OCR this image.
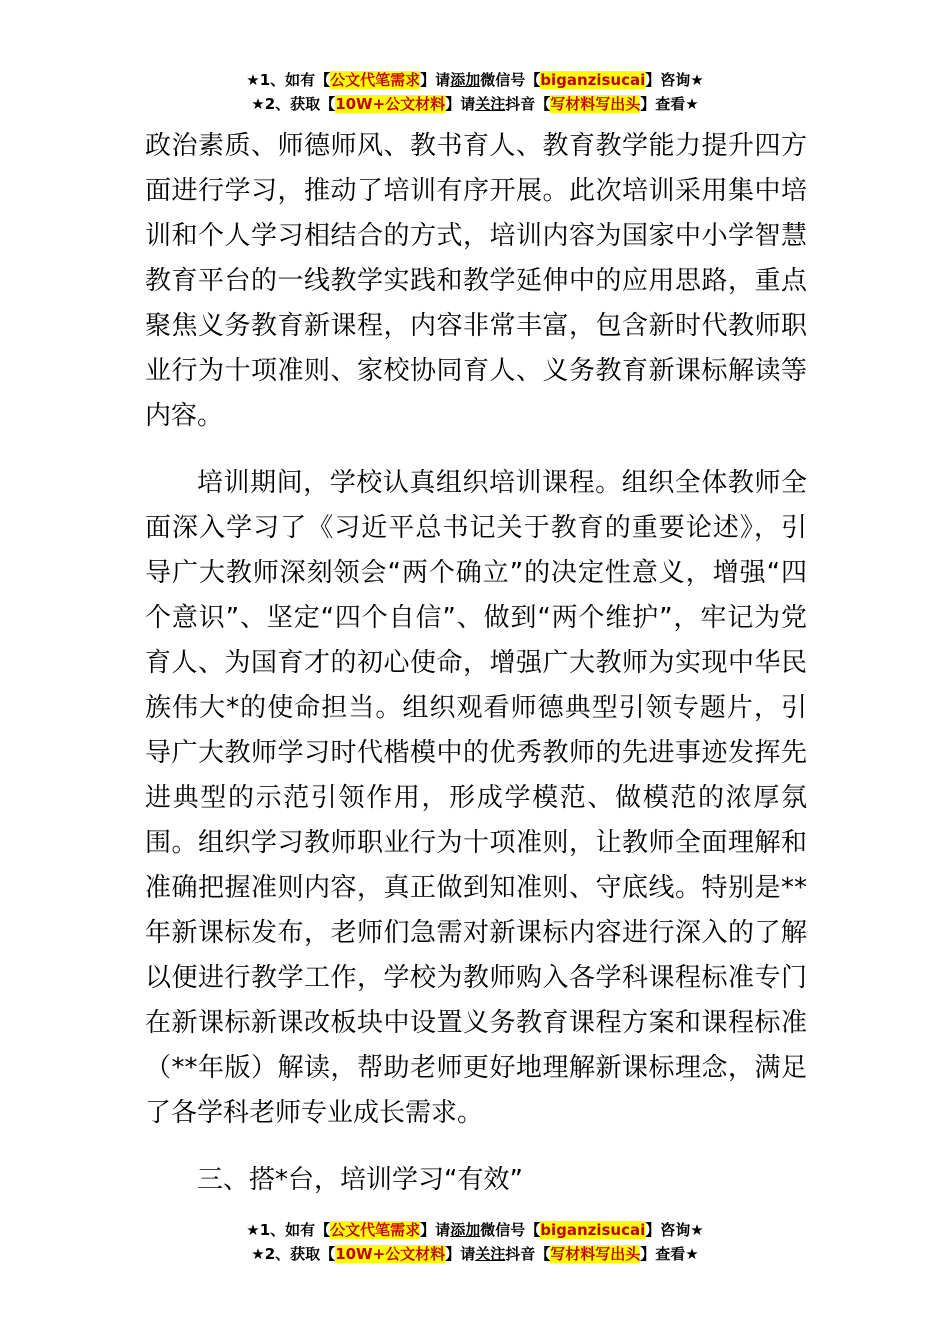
★1、如有【公文代笔需求】请添加微信号【biganzisucai】咨询★
★2、获取【10W+公文材料】请关注抖音【写材料写出头】查看★

政治素质、师德师风、教书育人、教育教学能力提升四方面进行学习，推动了培训有序开展。此次培训采用集中培训和个人学习相结合的方式，培训内容为国家中小学智慧教育平台的一线教学实践和教学延伸中的应用思路，重点聚焦义务教育新课程，内容非常丰富，包含新时代教师职业行为十项准则、家校协同育人、义务教育新课标解读等内容。

培训期间，学校认真组织培训课程。组织全体教师全面深入学习了《习近平总书记关于教育的重要论述》，引导广大教师深刻领会“两个确立”的决定性意义，增强“四个意识”、坚定“四个自信”、做到“两个维护”，牢记为党育人、为国育才的初心使命，增强广大教师为实现中华民族伟大*的使命担当。组织观看师德典型引领专题片，引导广大教师学习时代楷模中的优秀教师的先进事迹发挥先进典型的示范引领作用，形成学模范、做模范的浓厚氛围。组织学习教师职业行为十项准则，让教师全面理解和准确把握准则内容，真正做到知准则、守底线。特别是**年新课标发布，老师们急需对新课标内容进行深入的了解以便进行教学工作，学校为教师购入各学科课程标准专门在新课标新课改板块中设置义务教育课程方案和课程标准（**年版）解读，帮助老师更好地理解新课标理念，满足了各学科老师专业成长需求。

三、搭*台，培训学习“有效”

★1、如有【公文代笔需求】请添加微信号【biganzisucai】咨询★
★2、获取【10W+公文材料】请关注抖音【写材料写出头】查看★
